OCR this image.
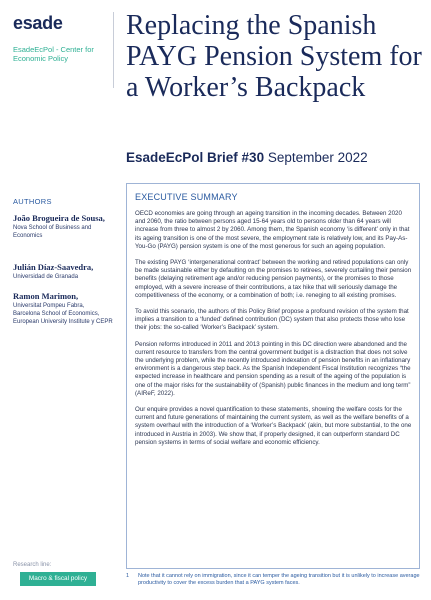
esade
EsadeEcPol - Center for Economic Policy
AUTHORS
João Brogueira de Sousa,
Nova School of Business and Economics
Julián Díaz-Saavedra,
Universidad de Granada
Ramon Marimon,
Universitat Pompeu Fabra, Barcelona School of Economics, European University Institute y CEPR
Research line:
Macro & fiscal policy
Replacing the Spanish PAYG Pension System for a Worker’s Backpack
EsadeEcPol Brief #30 September 2022
EXECUTIVE SUMMARY

OECD economies are going through an ageing transition in the incoming decades. Between 2020 and 2060, the ratio between persons aged 15-64 years old to persons older than 64 years will increase from three to almost 2 by 2060. Among them, the Spanish economy ‘is different’ only in that its ageing transition is one of the most severe, the employment rate is relatively low, and its Pay-As-You-Go (PAYG) pension system is one of the most generous for such an ageing population.

The existing PAYG ‘intergenerational contract’ between the working and retired populations can only be made sustainable either by defaulting on the promises to retirees, severely curtailing their pension benefits (delaying retirement age and/or reducing pension payments), or the promises to those employed, with a severe increase of their contributions, a tax hike that will seriously damage the competitiveness of the economy, or a combination of both; i.e. reneging to all existing promises.

To avoid this scenario, the authors of this Policy Brief propose a profound revision of the system that implies a transition to a ‘funded’ defined contribution (DC) system that also protects those who lose their jobs: the so-called ‘Worker’s Backpack’ system.

Pension reforms introduced in 2011 and 2013 pointing in this DC direction were abandoned and the current resource to transfers from the central government budget is a distraction that does not solve the underlying problem, while the recently introduced indexation of pension benefits in an inflationary environment is a dangerous step back. As the Spanish Independent Fiscal Institution recognizes “the expected increase in healthcare and pension spending as a result of the ageing of the population is one of the major risks for the sustainability of (Spanish) public finances in the medium and long term” (AIReF, 2022).

Our enquire provides a novel quantification to these statements, showing the welfare costs for the current and future generations of maintaining the current system, as well as the welfare benefits of a system overhaul with the introduction of a ‘Worker’s Backpack’ (akin, but more substantial, to the one introduced in Austria in 2003). We show that, if properly designed, it can outperform standard DC pension systems in terms of social welfare and economic efficiency.

1 Note that it cannot rely on immigration, since it can temper the ageing transition but it is unlikely to increase average productivity to cover the excess burden that a PAYG system faces.
